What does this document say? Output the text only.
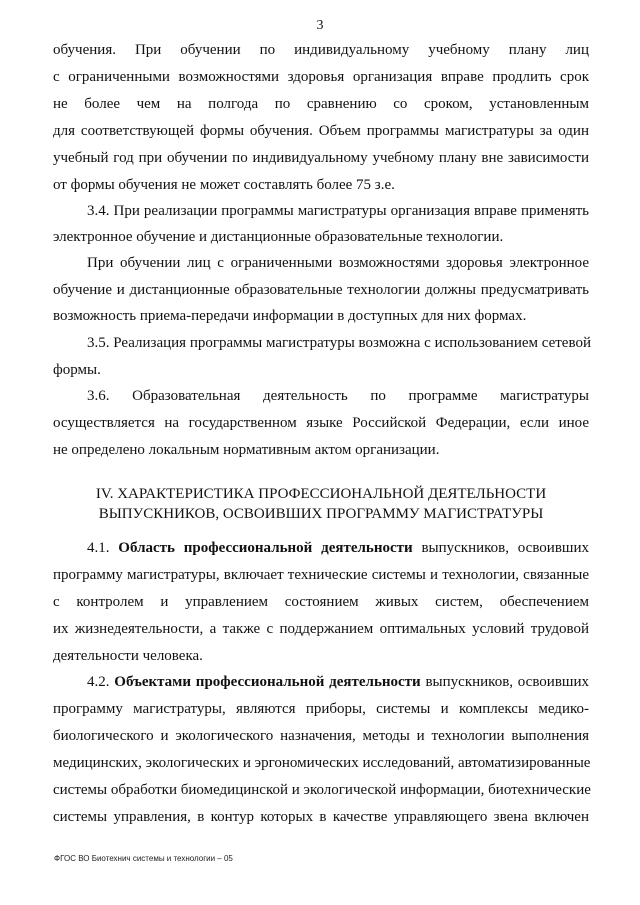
3
обучения. При обучении по индивидуальному учебному плану лиц
с ограниченными возможностями здоровья организация вправе продлить срок
не более чем на полгода по сравнению со сроком, установленным
для соответствующей формы обучения. Объем программы магистратуры за один
учебный год при обучении по индивидуальному учебному плану вне зависимости
от формы обучения не может составлять более 75 з.е.
3.4. При реализации программы магистратуры организация вправе применять
электронное обучение и дистанционные образовательные технологии.
При обучении лиц с ограниченными возможностями здоровья электронное
обучение и дистанционные образовательные технологии должны предусматривать
возможность приема-передачи информации в доступных для них формах.
3.5. Реализация программы магистратуры возможна с использованием сетевой
формы.
3.6. Образовательная деятельность по программе магистратуры
осуществляется на государственном языке Российской Федерации, если иное
не определено локальным нормативным актом организации.
IV. ХАРАКТЕРИСТИКА ПРОФЕССИОНАЛЬНОЙ ДЕЯТЕЛЬНОСТИ
ВЫПУСКНИКОВ, ОСВОИВШИХ ПРОГРАММУ МАГИСТРАТУРЫ
4.1. Область профессиональной деятельности выпускников, освоивших
программу магистратуры, включает технические системы и технологии, связанные
с контролем и управлением состоянием живых систем, обеспечением
их жизнедеятельности, а также с поддержанием оптимальных условий трудовой
деятельности человека.
4.2. Объектами профессиональной деятельности выпускников, освоивших
программу магистратуры, являются приборы, системы и комплексы медико-
биологического и экологического назначения, методы и технологии выполнения
медицинских, экологических и эргономических исследований, автоматизированные
системы обработки биомедицинской и экологической информации, биотехнические
системы управления, в контур которых в качестве управляющего звена включен
ФГОС ВО Биотехнич системы и технологии – 05
